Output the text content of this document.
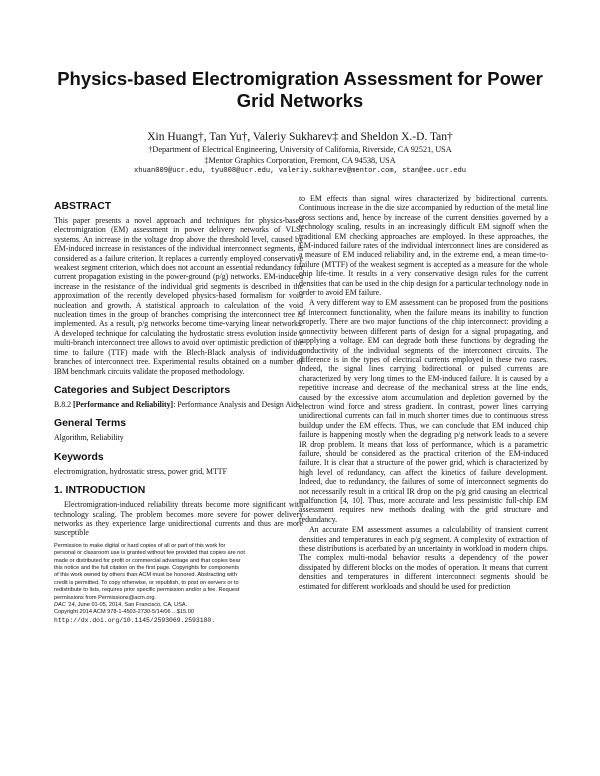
Physics-based Electromigration Assessment for Power Grid Networks
Xin Huang†, Tan Yu†, Valeriy Sukharev‡ and Sheldon X.-D. Tan†
†Department of Electrical Engineering, University of California, Riverside, CA 92521, USA
‡Mentor Graphics Corporation, Fremont, CA 94538, USA
xhuan009@ucr.edu, tyu008@ucr.edu, valeriy.sukharev@mentor.com, stan@ee.ucr.edu
ABSTRACT

This paper presents a novel approach and techniques for physics-based electromigration (EM) assessment in power delivery networks of VLSI systems. An increase in the voltage drop above the threshold level, caused by EM-induced increase in resistances of the individual interconnect segments, is considered as a failure criterion. It replaces a currently employed conservative weakest segment criterion, which does not account an essential redundancy for current propagation existing in the power-ground (p/g) networks. EM-induced increase in the resistance of the individual grid segments is described in the approximation of the recently developed physics-based formalism for void nucleation and growth. A statistical approach to calculation of the void nucleation times in the group of branches comprising the interconnect tree is implemented. As a result, p/g networks become time-varying linear networks. A developed technique for calculating the hydrostatic stress evolution inside a multi-branch interconnect tree allows to avoid over optimistic prediction of the time to failure (TTF) made with the Blech-Black analysis of individual branches of interconnect tree. Experimental results obtained on a number of IBM benchmark circuits validate the proposed methodology.

Categories and Subject Descriptors

B.8.2 [Performance and Reliability]: Performance Analysis and Design Aids

General Terms

Algorithm, Reliability

Keywords

electromigration, hydrostatic stress, power grid, MTTF

1. INTRODUCTION

Electromigration-induced reliability threats become more significant with technology scaling. The problem becomes more severe for power delivery networks as they experience large unidirectional currents and thus are more susceptible

Permission to make digital or hard copies of all or part of this work for
personal or classroom use is granted without fee provided that copies are not
made or distributed for profit or commercial advantage and that copies bear
this notice and the full citation on the first page. Copyrights for components
of this work owned by others than ACM must be honored. Abstracting with
credit is permitted. To copy otherwise, or republish, to post on servers or to
redistribute to lists, requires prior specific permission and/or a fee. Request
permissions from Permissions@acm.org.
DAC '14, June 01-05, 2014, San Francisco, CA, USA.
Copyright 2014 ACM 978-1-4503-2730-5/14/06 ...$15.00
http://dx.doi.org/10.1145/2593069.2593180.

to EM effects than signal wires characterized by bidirectional currents. Continuous increase in the die size accompanied by reduction of the metal line cross sections and, hence by increase of the current densities governed by a technology scaling, results in an increasingly difficult EM signoff when the traditional EM checking approaches are employed. In these approaches, the EM-induced failure rates of the individual interconnect lines are considered as a measure of EM induced reliability and, in the extreme end, a mean time-to-failure (MTTF) of the weakest segment is accepted as a measure for the whole chip life-time. It results in a very conservative design rules for the current densities that can be used in the chip design for a particular technology node in order to avoid EM failure.

A very different way to EM assessment can be proposed from the positions of interconnect functionality, when the failure means its inability to function properly. There are two major functions of the chip interconnect: providing a connectivity between different parts of design for a signal propagating, and supplying a voltage. EM can degrade both these functions by degrading the conductivity of the individual segments of the interconnect circuits. The difference is in the types of electrical currents employed in these two cases. Indeed, the signal lines carrying bidirectional or pulsed currents are characterized by very long times to the EM-induced failure. It is caused by a repetitive increase and decrease of the mechanical stress at the line ends, caused by the excessive atom accumulation and depletion governed by the electron wind force and stress gradient. In contrast, power lines carrying unidirectional currents can fail in much shorter times due to continuous stress buildup under the EM effects. Thus, we can conclude that EM induced chip failure is happening mostly when the degrading p/g network leads to a severe IR drop problem. It means that loss of performance, which is a parametric failure, should be considered as the practical criterion of the EM-induced failure. It is clear that a structure of the power grid, which is characterized by high level of redundancy, can affect the kinetics of failure development. Indeed, due to redundancy, the failures of some of interconnect segments do not necessarily result in a critical IR drop on the p/g grid causing an electrical malfunction [4, 10]. Thus, more accurate and less pessimistic full-chip EM assessment requires new methods dealing with the grid structure and redundancy.

An accurate EM assessment assumes a calculability of transient current densities and temperatures in each p/g segment. A complexity of extraction of these distributions is acerbated by an uncertainty in workload in modern chips. The complex multi-modal behavior results a dependency of the power dissipated by different blocks on the modes of operation. It means that current densities and temperatures in different interconnect segments should be estimated for different workloads and should be used for prediction
